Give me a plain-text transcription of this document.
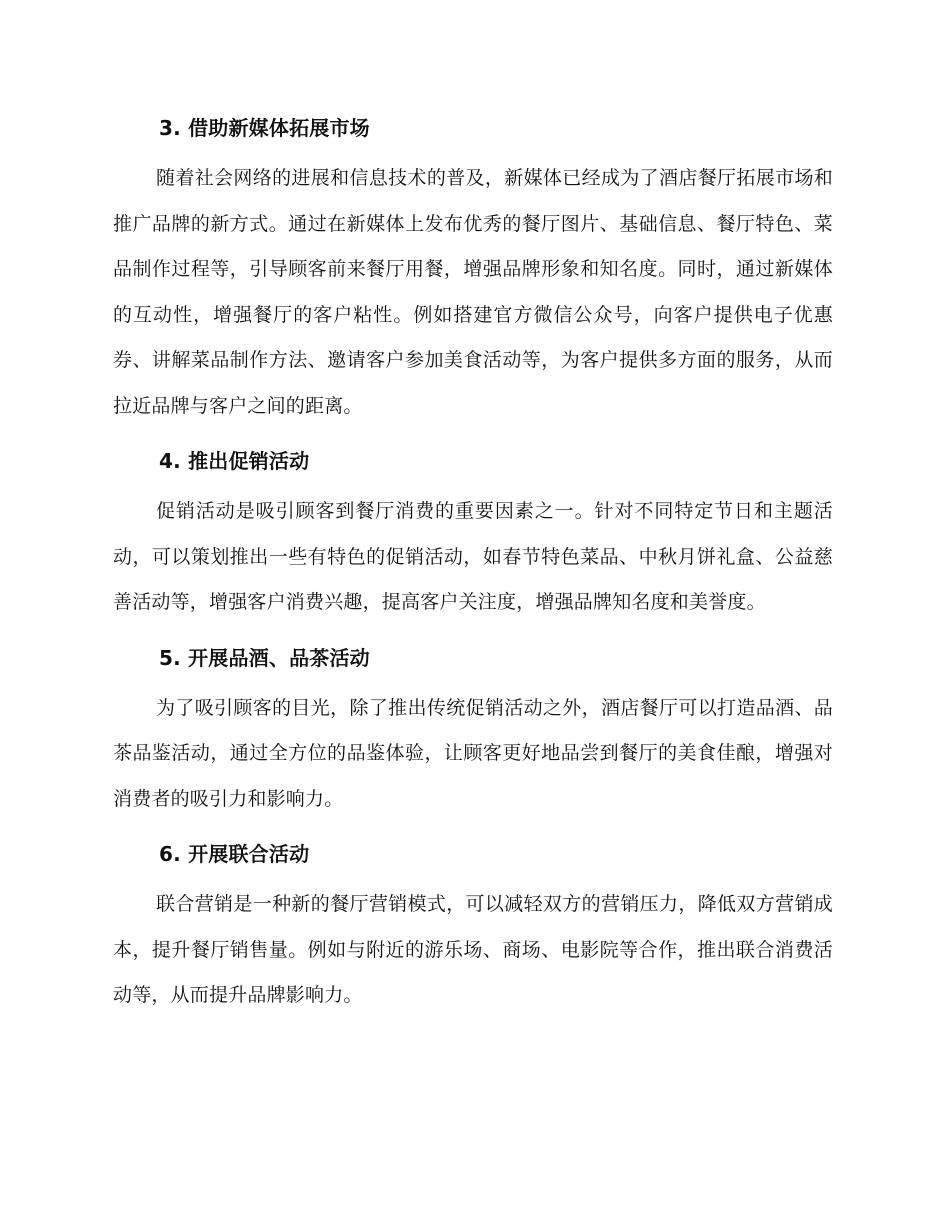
3. 借助新媒体拓展市场

随着社会网络的进展和信息技术的普及，新媒体已经成为了酒店餐厅拓展市场和推广品牌的新方式。通过在新媒体上发布优秀的餐厅图片、基础信息、餐厅特色、菜品制作过程等，引导顾客前来餐厅用餐，增强品牌形象和知名度。同时，通过新媒体的互动性，增强餐厅的客户粘性。例如搭建官方微信公众号，向客户提供电子优惠券、讲解菜品制作方法、邀请客户参加美食活动等，为客户提供多方面的服务，从而拉近品牌与客户之间的距离。

4. 推出促销活动

促销活动是吸引顾客到餐厅消费的重要因素之一。针对不同特定节日和主题活动，可以策划推出一些有特色的促销活动，如春节特色菜品、中秋月饼礼盒、公益慈善活动等，增强客户消费兴趣，提高客户关注度，增强品牌知名度和美誉度。

5. 开展品酒、品茶活动

为了吸引顾客的目光，除了推出传统促销活动之外，酒店餐厅可以打造品酒、品茶品鉴活动，通过全方位的品鉴体验，让顾客更好地品尝到餐厅的美食佳酿，增强对消费者的吸引力和影响力。

6. 开展联合活动

联合营销是一种新的餐厅营销模式，可以减轻双方的营销压力，降低双方营销成本，提升餐厅销售量。例如与附近的游乐场、商场、电影院等合作，推出联合消费活动等，从而提升品牌影响力。
